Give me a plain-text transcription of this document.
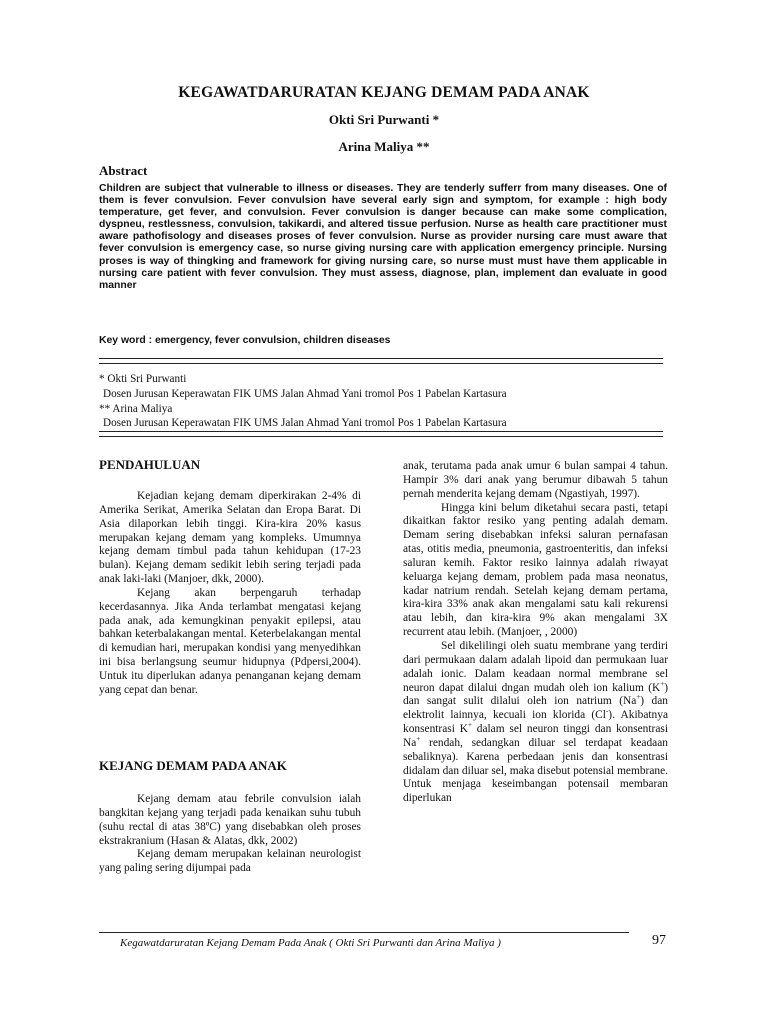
KEGAWATDARURATAN KEJANG DEMAM PADA ANAK
Okti Sri Purwanti *
Arina Maliya **
Abstract
Children are subject that vulnerable to illness or diseases. They are tenderly sufferr from many diseases. One of them is fever convulsion. Fever convulsion have several early sign and symptom, for example : high body temperature, get fever, and convulsion. Fever convulsion is danger because can make some complication, dyspneu, restlessness, convulsion, takikardi, and altered tissue perfusion. Nurse as health care practitioner must aware pathofisology and diseases proses of fever convulsion. Nurse as provider nursing care must aware that fever convulsion is emergency case, so nurse giving nursing care with application emergency principle. Nursing proses is way of thingking and framework for giving nursing care, so nurse must must have them applicable in nursing care patient with fever convulsion. They must assess, diagnose, plan, implement dan evaluate in good manner
Key word : emergency, fever convulsion, children diseases
* Okti Sri Purwanti
Dosen Jurusan Keperawatan FIK UMS Jalan Ahmad Yani tromol Pos 1 Pabelan Kartasura
** Arina Maliya
Dosen Jurusan Keperawatan FIK UMS Jalan Ahmad Yani tromol Pos 1 Pabelan Kartasura
PENDAHULUAN

Kejadian kejang demam diperkirakan 2-4% di Amerika Serikat, Amerika Selatan dan Eropa Barat. Di Asia dilaporkan lebih tinggi. Kira-kira 20% kasus merupakan kejang demam yang kompleks. Umumnya kejang demam timbul pada tahun kehidupan (17-23 bulan). Kejang demam sedikit lebih sering terjadi pada anak laki-laki (Manjoer, dkk, 2000).

Kejang akan berpengaruh terhadap kecerdasannya. Jika Anda terlambat mengatasi kejang pada anak, ada kemungkinan penyakit epilepsi, atau bahkan keterbalakangan mental. Keterbelakangan mental di kemudian hari, merupakan kondisi yang menyedihkan ini bisa berlangsung seumur hidupnya (Pdpersi,2004). Untuk itu diperlukan adanya penanganan kejang demam yang cepat dan benar.

KEJANG DEMAM PADA ANAK

Kejang demam atau febrile convulsion ialah bangkitan kejang yang terjadi pada kenaikan suhu tubuh (suhu rectal di atas 38ºC) yang disebabkan oleh proses ekstrakranium (Hasan & Alatas, dkk, 2002)

Kejang demam merupakan kelainan neurologist yang paling sering dijumpai pada

anak, terutama pada anak umur 6 bulan sampai 4 tahun. Hampir 3% dari anak yang berumur dibawah 5 tahun pernah menderita kejang demam (Ngastiyah, 1997).

Hingga kini belum diketahui secara pasti, tetapi dikaitkan faktor resiko yang penting adalah demam. Demam sering disebabkan infeksi saluran pernafasan atas, otitis media, pneumonia, gastroenteritis, dan infeksi saluran kemih. Faktor resiko lainnya adalah riwayat keluarga kejang demam, problem pada masa neonatus, kadar natrium rendah. Setelah kejang demam pertama, kira-kira 33% anak akan mengalami satu kali rekurensi atau lebih, dan kira-kira 9% akan mengalami 3X recurrent atau lebih. (Manjoer, , 2000)

Sel dikelilingi oleh suatu membrane yang terdiri dari permukaan dalam adalah lipoid dan permukaan luar adalah ionic. Dalam keadaan normal membrane sel neuron dapat dilalui dngan mudah oleh ion kalium (K+) dan sangat sulit dilalui oleh ion natrium (Na+) dan elektrolit lainnya, kecuali ion klorida (Cl-). Akibatnya konsentrasi K+ dalam sel neuron tinggi dan konsentrasi Na+ rendah, sedangkan diluar sel terdapat keadaan sebaliknya). Karena perbedaan jenis dan konsentrasi didalam dan diluar sel, maka disebut potensial membrane. Untuk menjaga keseimbangan potensail membaran diperlukan

Kegawatdaruratan Kejang Demam Pada Anak ( Okti Sri Purwanti dan Arina Maliya )	97
